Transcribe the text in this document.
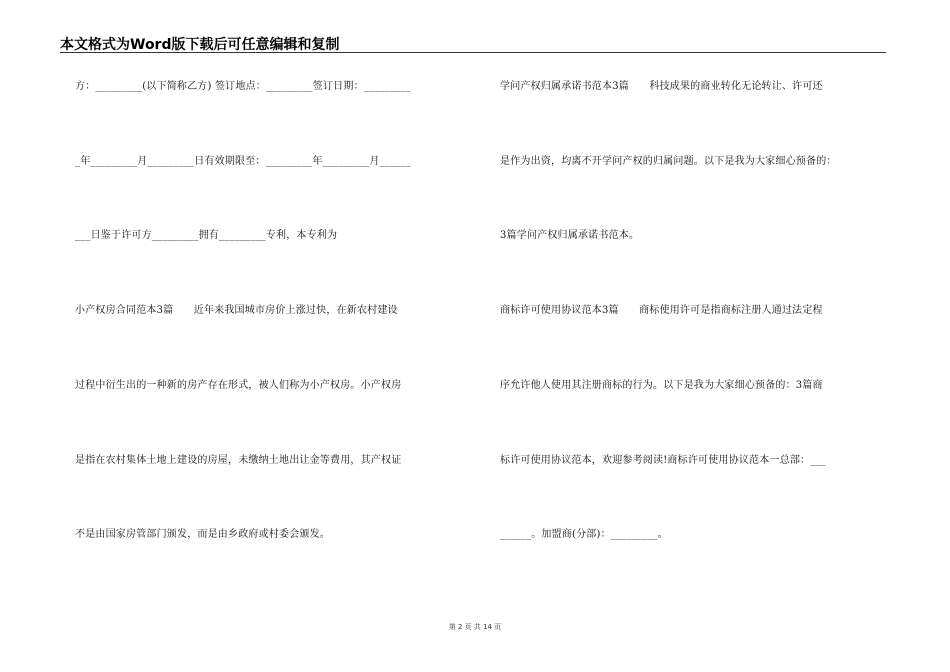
本文格式为Word版下载后可任意编辑和复制
方：_________(以下简称乙方) 签订地点：_________签订日期：_________
_年_________月_________日有效期限至：_________年_________月______
___日鉴于许可方_________拥有_________专利，本专利为
小产权房合同范本3篇　　近年来我国城市房价上涨过快，在新农村建设
过程中衍生出的一种新的房产存在形式，被人们称为小产权房。小产权房
是指在农村集体土地上建设的房屋，未缴纳土地出让金等费用，其产权证
不是由国家房管部门颁发，而是由乡政府或村委会颁发。
学问产权归属承诺书范本3篇　　科技成果的商业转化无论转让、许可还
是作为出资，均离不开学问产权的归属问题。以下是我为大家细心预备的：
3篇学问产权归属承诺书范本。
商标许可使用协议范本3篇　　商标使用许可是指商标注册人通过法定程
序允许他人使用其注册商标的行为。以下是我为大家细心预备的：3篇商
标许可使用协议范本，欢迎参考阅读!商标许可使用协议范本一总部：___
______。加盟商(分部)：_________。
第 2 页 共 14 页
